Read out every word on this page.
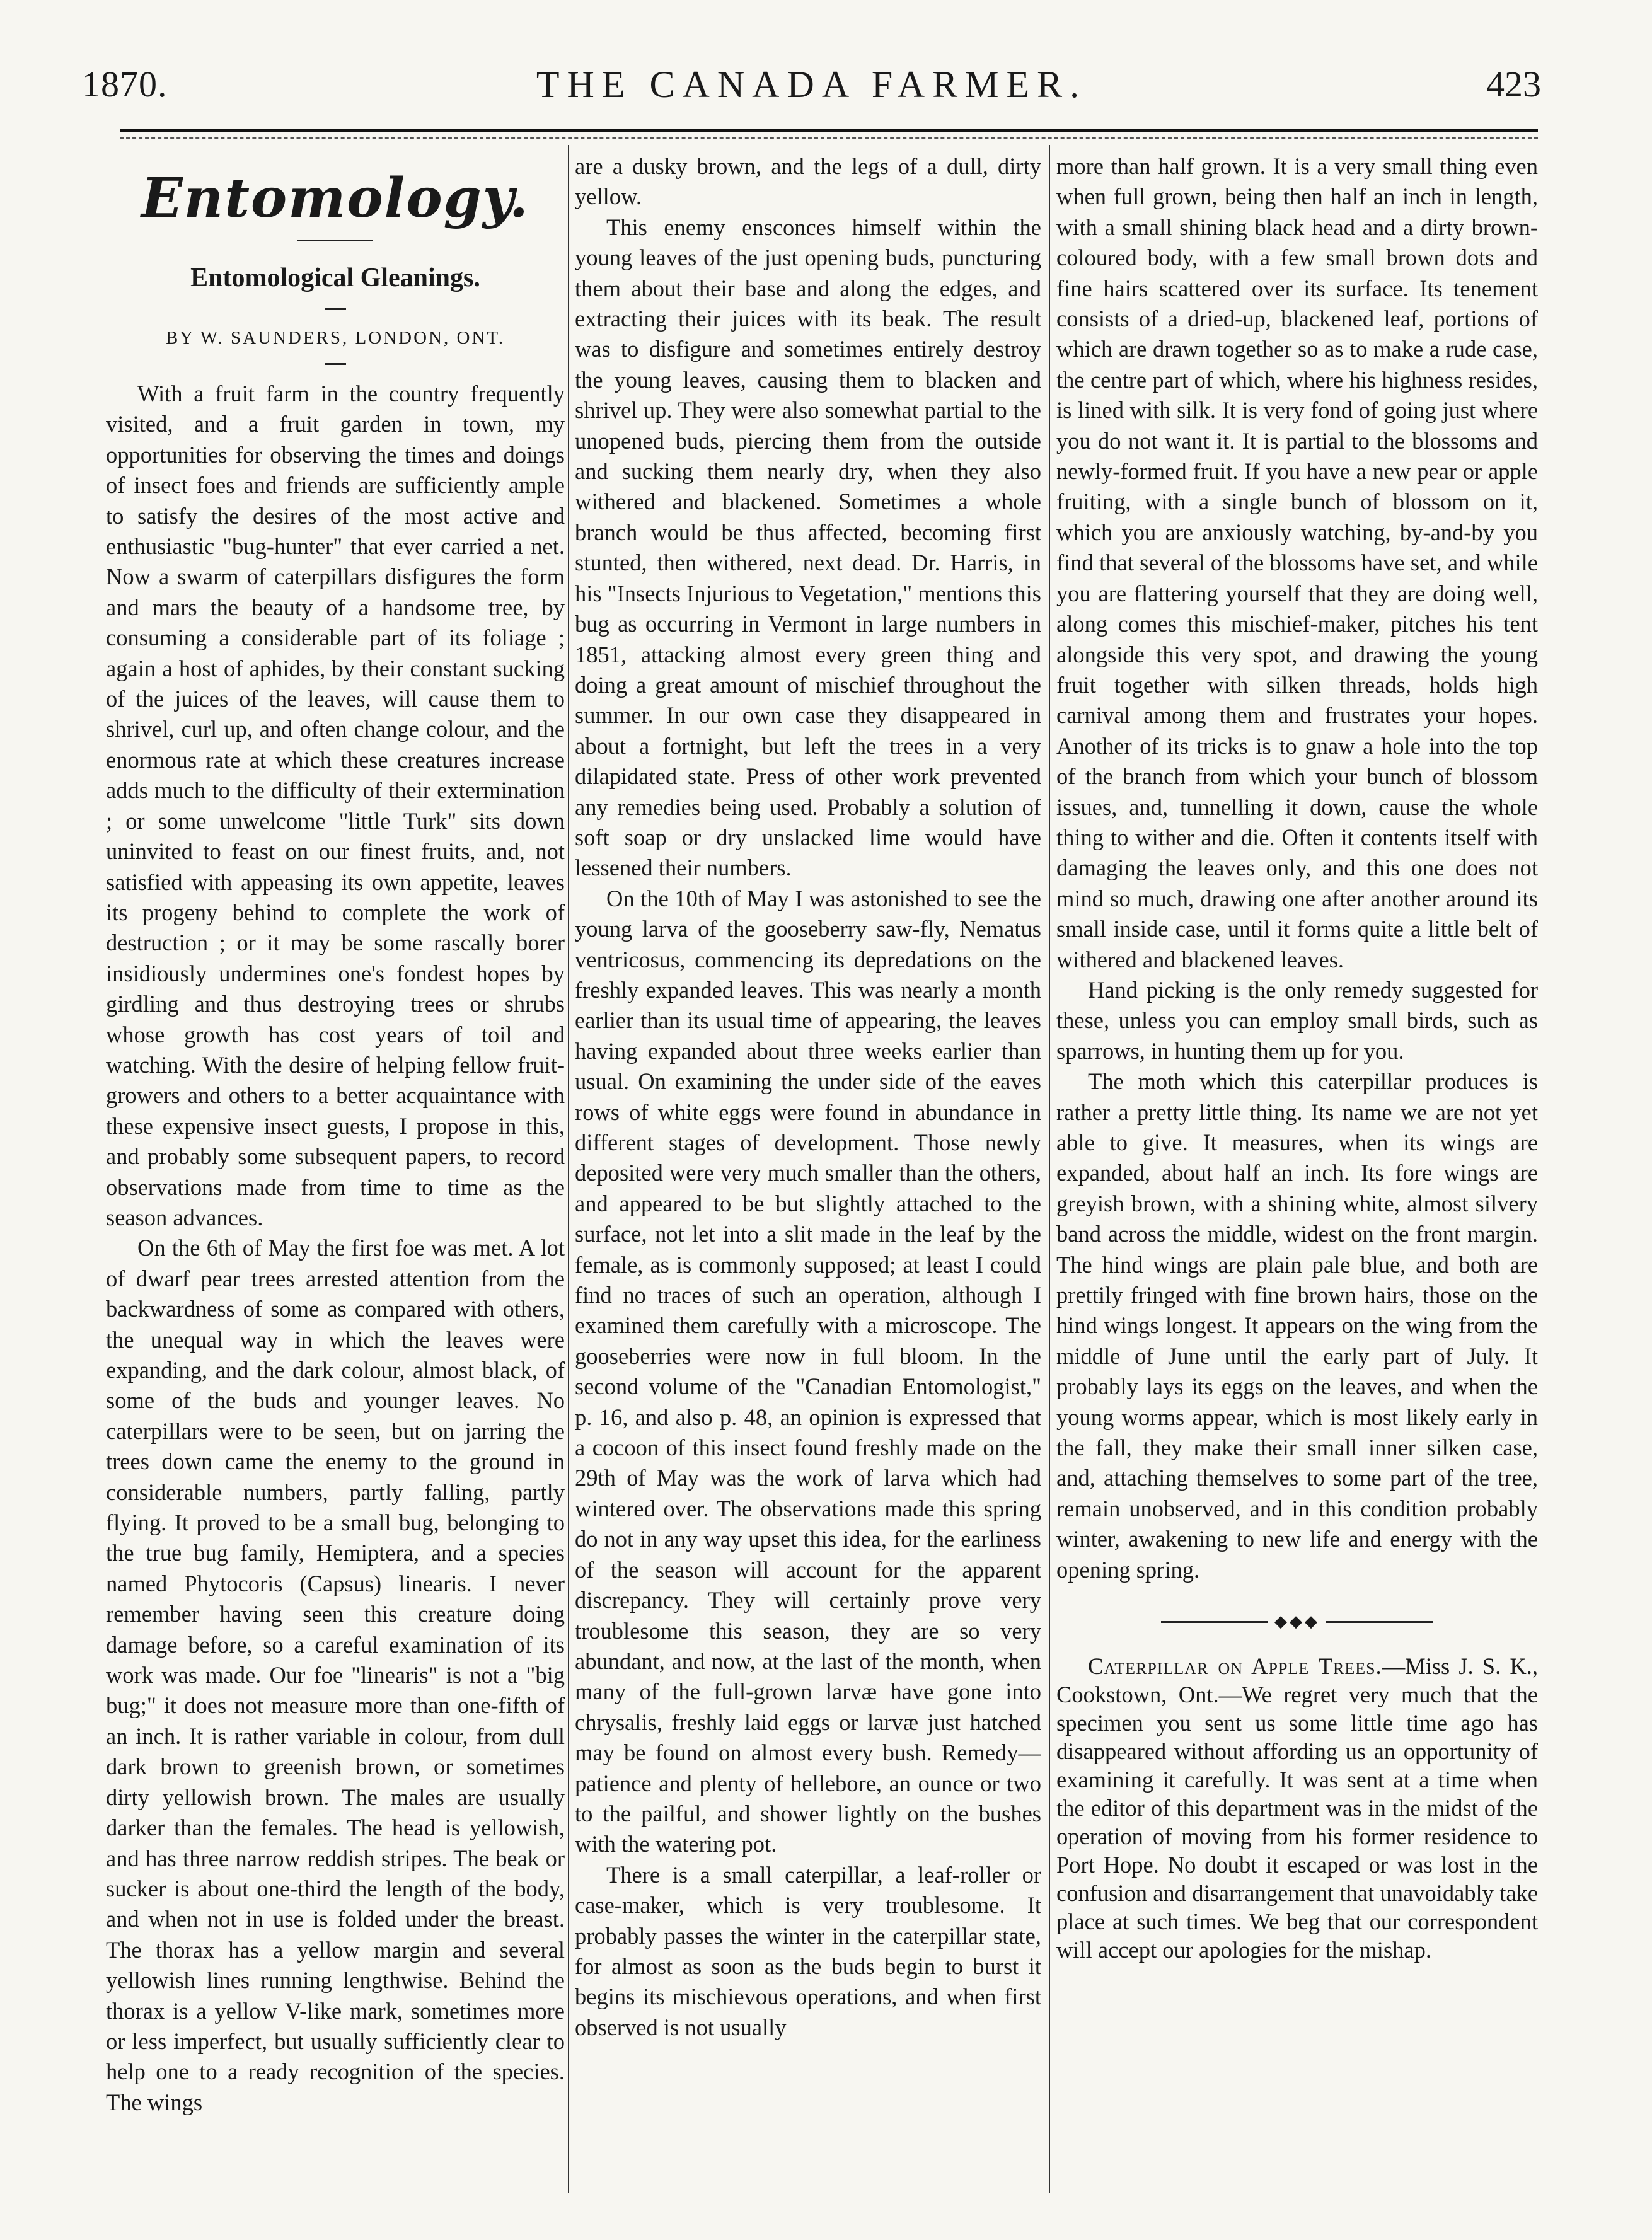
1870.	THE CANADA FARMER.	423
Entomology.
Entomological Gleanings.
BY W. SAUNDERS, LONDON, ONT.

With a fruit farm in the country frequently visited, and a fruit garden in town, my opportunities for observing the times and doings of insect foes and friends are sufficiently ample to satisfy the desires of the most active and enthusiastic "bug-hunter" that ever carried a net. Now a swarm of caterpillars disfigures the form and mars the beauty of a handsome tree, by consuming a considerable part of its foliage ; again a host of aphides, by their constant sucking of the juices of the leaves, will cause them to shrivel, curl up, and often change colour, and the enormous rate at which these creatures increase adds much to the difficulty of their extermination ; or some unwelcome "little Turk" sits down uninvited to feast on our finest fruits, and, not satisfied with appeasing its own appetite, leaves its progeny behind to complete the work of destruction ; or it may be some rascally borer insidiously undermines one's fondest hopes by girdling and thus destroying trees or shrubs whose growth has cost years of toil and watching. With the desire of helping fellow fruit-growers and others to a better acquaintance with these expensive insect guests, I propose in this, and probably some subsequent papers, to record observations made from time to time as the season advances.

On the 6th of May the first foe was met. A lot of dwarf pear trees arrested attention from the backwardness of some as compared with others, the unequal way in which the leaves were expanding, and the dark colour, almost black, of some of the buds and younger leaves. No caterpillars were to be seen, but on jarring the trees down came the enemy to the ground in considerable numbers, partly falling, partly flying. It proved to be a small bug, belonging to the true bug family, Hemiptera, and a species named Phytocoris (Capsus) linearis. I never remember having seen this creature doing damage before, so a careful examination of its work was made. Our foe "linearis" is not a "big bug;" it does not measure more than one-fifth of an inch. It is rather variable in colour, from dull dark brown to greenish brown, or sometimes dirty yellowish brown. The males are usually darker than the females. The head is yellowish, and has three narrow reddish stripes. The beak or sucker is about one-third the length of the body, and when not in use is folded under the breast. The thorax has a yellow margin and several yellowish lines running lengthwise. Behind the thorax is a yellow V-like mark, sometimes more or less imperfect, but usually sufficiently clear to help one to a ready recognition of the species. The wings

are a dusky brown, and the legs of a dull, dirty yellow.

This enemy ensconces himself within the young leaves of the just opening buds, puncturing them about their base and along the edges, and extracting their juices with its beak. The result was to disfigure and sometimes entirely destroy the young leaves, causing them to blacken and shrivel up. They were also somewhat partial to the unopened buds, piercing them from the outside and sucking them nearly dry, when they also withered and blackened. Sometimes a whole branch would be thus affected, becoming first stunted, then withered, next dead. Dr. Harris, in his "Insects Injurious to Vegetation," mentions this bug as occurring in Vermont in large numbers in 1851, attacking almost every green thing and doing a great amount of mischief throughout the summer. In our own case they disappeared in about a fortnight, but left the trees in a very dilapidated state. Press of other work prevented any remedies being used. Probably a solution of soft soap or dry unslacked lime would have lessened their numbers.

On the 10th of May I was astonished to see the young larva of the gooseberry saw-fly, Nematus ventricosus, commencing its depredations on the freshly expanded leaves. This was nearly a month earlier than its usual time of appearing, the leaves having expanded about three weeks earlier than usual. On examining the under side of the eaves rows of white eggs were found in abundance in different stages of development. Those newly deposited were very much smaller than the others, and appeared to be but slightly attached to the surface, not let into a slit made in the leaf by the female, as is commonly supposed; at least I could find no traces of such an operation, although I examined them carefully with a microscope. The gooseberries were now in full bloom. In the second volume of the "Canadian Entomologist," p. 16, and also p. 48, an opinion is expressed that a cocoon of this insect found freshly made on the 29th of May was the work of larva which had wintered over. The observations made this spring do not in any way upset this idea, for the earliness of the season will account for the apparent discrepancy. They will certainly prove very troublesome this season, they are so very abundant, and now, at the last of the month, when many of the full-grown larvæ have gone into chrysalis, freshly laid eggs or larvæ just hatched may be found on almost every bush. Remedy—patience and plenty of hellebore, an ounce or two to the pailful, and shower lightly on the bushes with the watering pot.

There is a small caterpillar, a leaf-roller or case-maker, which is very troublesome. It probably passes the winter in the caterpillar state, for almost as soon as the buds begin to burst it begins its mischievous operations, and when first observed is not usually

more than half grown. It is a very small thing even when full grown, being then half an inch in length, with a small shining black head and a dirty brown-coloured body, with a few small brown dots and fine hairs scattered over its surface. Its tenement consists of a dried-up, blackened leaf, portions of which are drawn together so as to make a rude case, the centre part of which, where his highness resides, is lined with silk. It is very fond of going just where you do not want it. It is partial to the blossoms and newly-formed fruit. If you have a new pear or apple fruiting, with a single bunch of blossom on it, which you are anxiously watching, by-and-by you find that several of the blossoms have set, and while you are flattering yourself that they are doing well, along comes this mischief-maker, pitches his tent alongside this very spot, and drawing the young fruit together with silken threads, holds high carnival among them and frustrates your hopes. Another of its tricks is to gnaw a hole into the top of the branch from which your bunch of blossom issues, and, tunnelling it down, cause the whole thing to wither and die. Often it contents itself with damaging the leaves only, and this one does not mind so much, drawing one after another around its small inside case, until it forms quite a little belt of withered and blackened leaves.

Hand picking is the only remedy suggested for these, unless you can employ small birds, such as sparrows, in hunting them up for you.

The moth which this caterpillar produces is rather a pretty little thing. Its name we are not yet able to give. It measures, when its wings are expanded, about half an inch. Its fore wings are greyish brown, with a shining white, almost silvery band across the middle, widest on the front margin. The hind wings are plain pale blue, and both are prettily fringed with fine brown hairs, those on the hind wings longest. It appears on the wing from the middle of June until the early part of July. It probably lays its eggs on the leaves, and when the young worms appear, which is most likely early in the fall, they make their small inner silken case, and, attaching themselves to some part of the tree, remain unobserved, and in this condition probably winter, awakening to new life and energy with the opening spring.

◆◆◆

Caterpillar on Apple Trees.—Miss J. S. K., Cookstown, Ont.—We regret very much that the specimen you sent us some little time ago has disappeared without affording us an opportunity of examining it carefully. It was sent at a time when the editor of this department was in the midst of the operation of moving from his former residence to Port Hope. No doubt it escaped or was lost in the confusion and disarrangement that unavoidably take place at such times. We beg that our correspondent will accept our apologies for the mishap.
